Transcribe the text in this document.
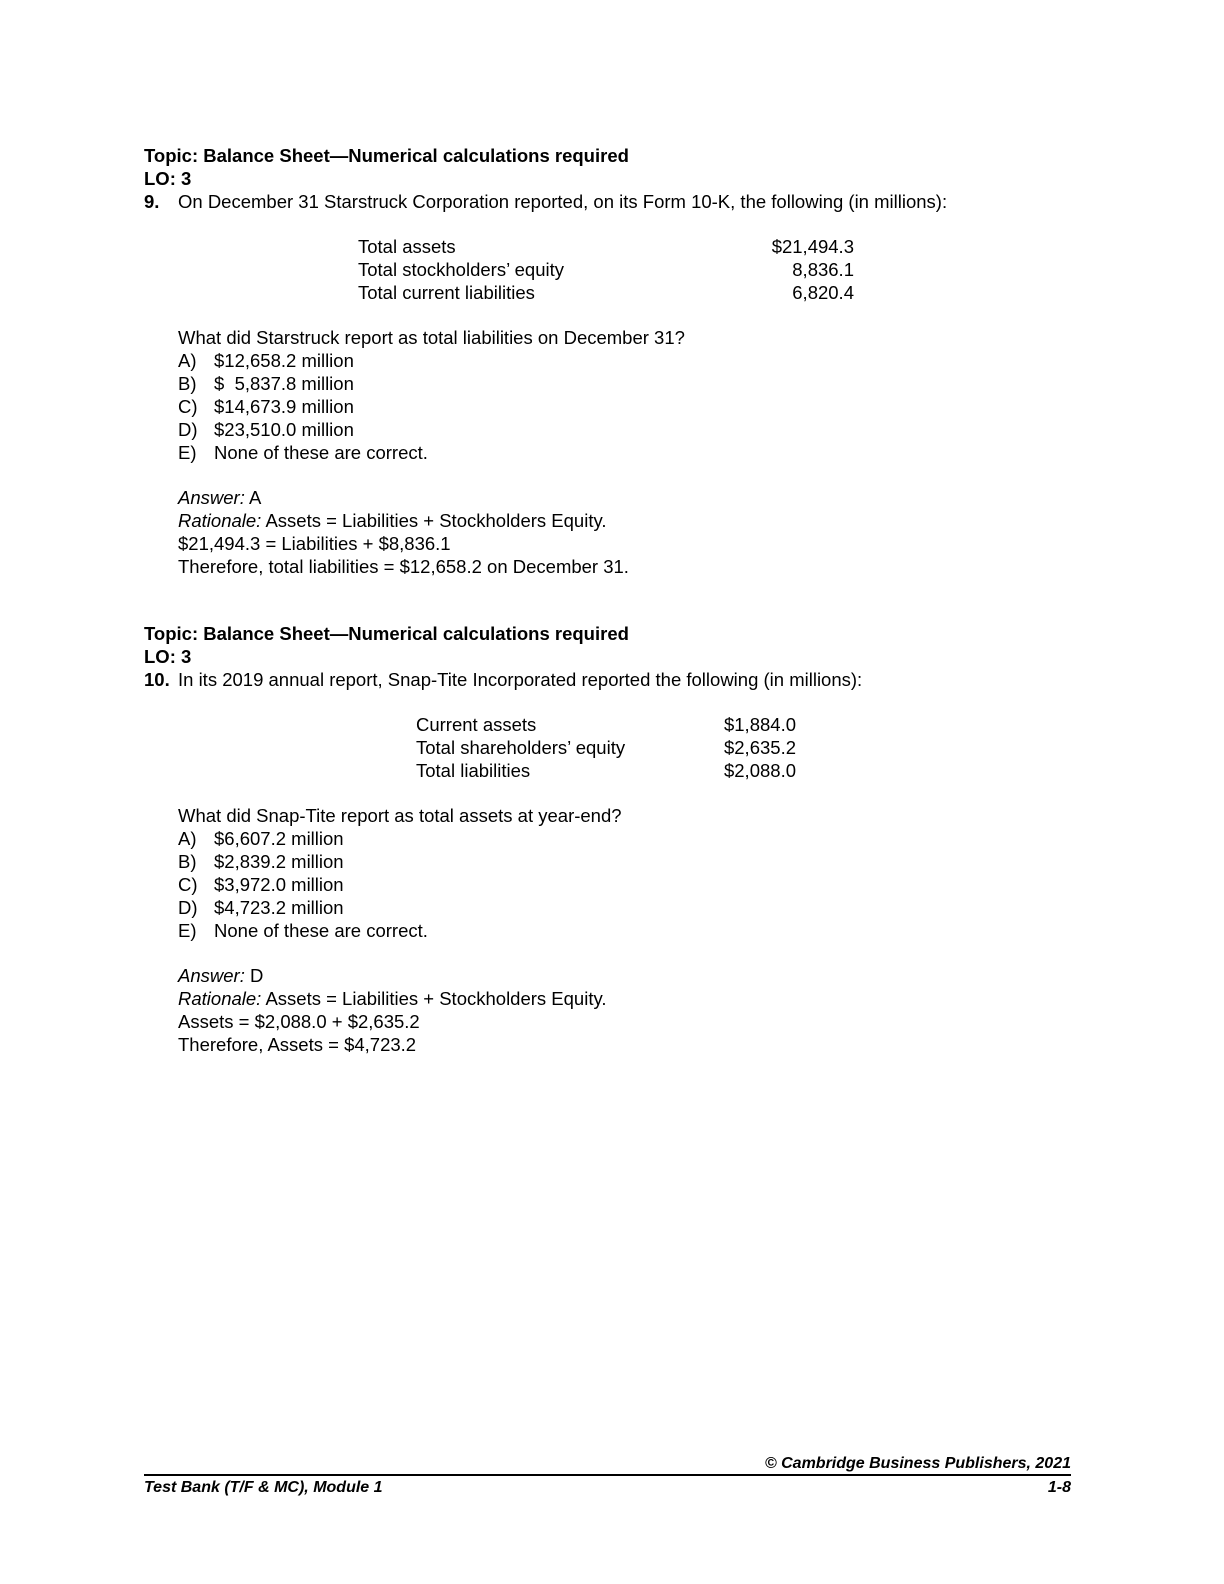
Topic: Balance Sheet—Numerical calculations required
LO: 3
9.	On December 31 Starstruck Corporation reported, on its Form 10-K, the following (in millions):
Total assets	$21,494.3
Total stockholders’ equity	8,836.1
Total current liabilities	6,820.4
What did Starstruck report as total liabilities on December 31?
A) $12,658.2 million
B) $  5,837.8 million
C) $14,673.9 million
D) $23,510.0 million
E) None of these are correct.
Answer: A
Rationale: Assets = Liabilities + Stockholders Equity.
$21,494.3 = Liabilities + $8,836.1
Therefore, total liabilities = $12,658.2 on December 31.
Topic: Balance Sheet—Numerical calculations required
LO: 3
10. In its 2019 annual report, Snap-Tite Incorporated reported the following (in millions):
Current assets	$1,884.0
Total shareholders’ equity	$2,635.2
Total liabilities	$2,088.0
What did Snap-Tite report as total assets at year-end?
A) $6,607.2 million
B) $2,839.2 million
C) $3,972.0 million
D) $4,723.2 million
E) None of these are correct.
Answer: D
Rationale: Assets = Liabilities + Stockholders Equity.
Assets = $2,088.0 + $2,635.2
Therefore, Assets = $4,723.2
© Cambridge Business Publishers, 2021
Test Bank (T/F & MC), Module 1	1-8
